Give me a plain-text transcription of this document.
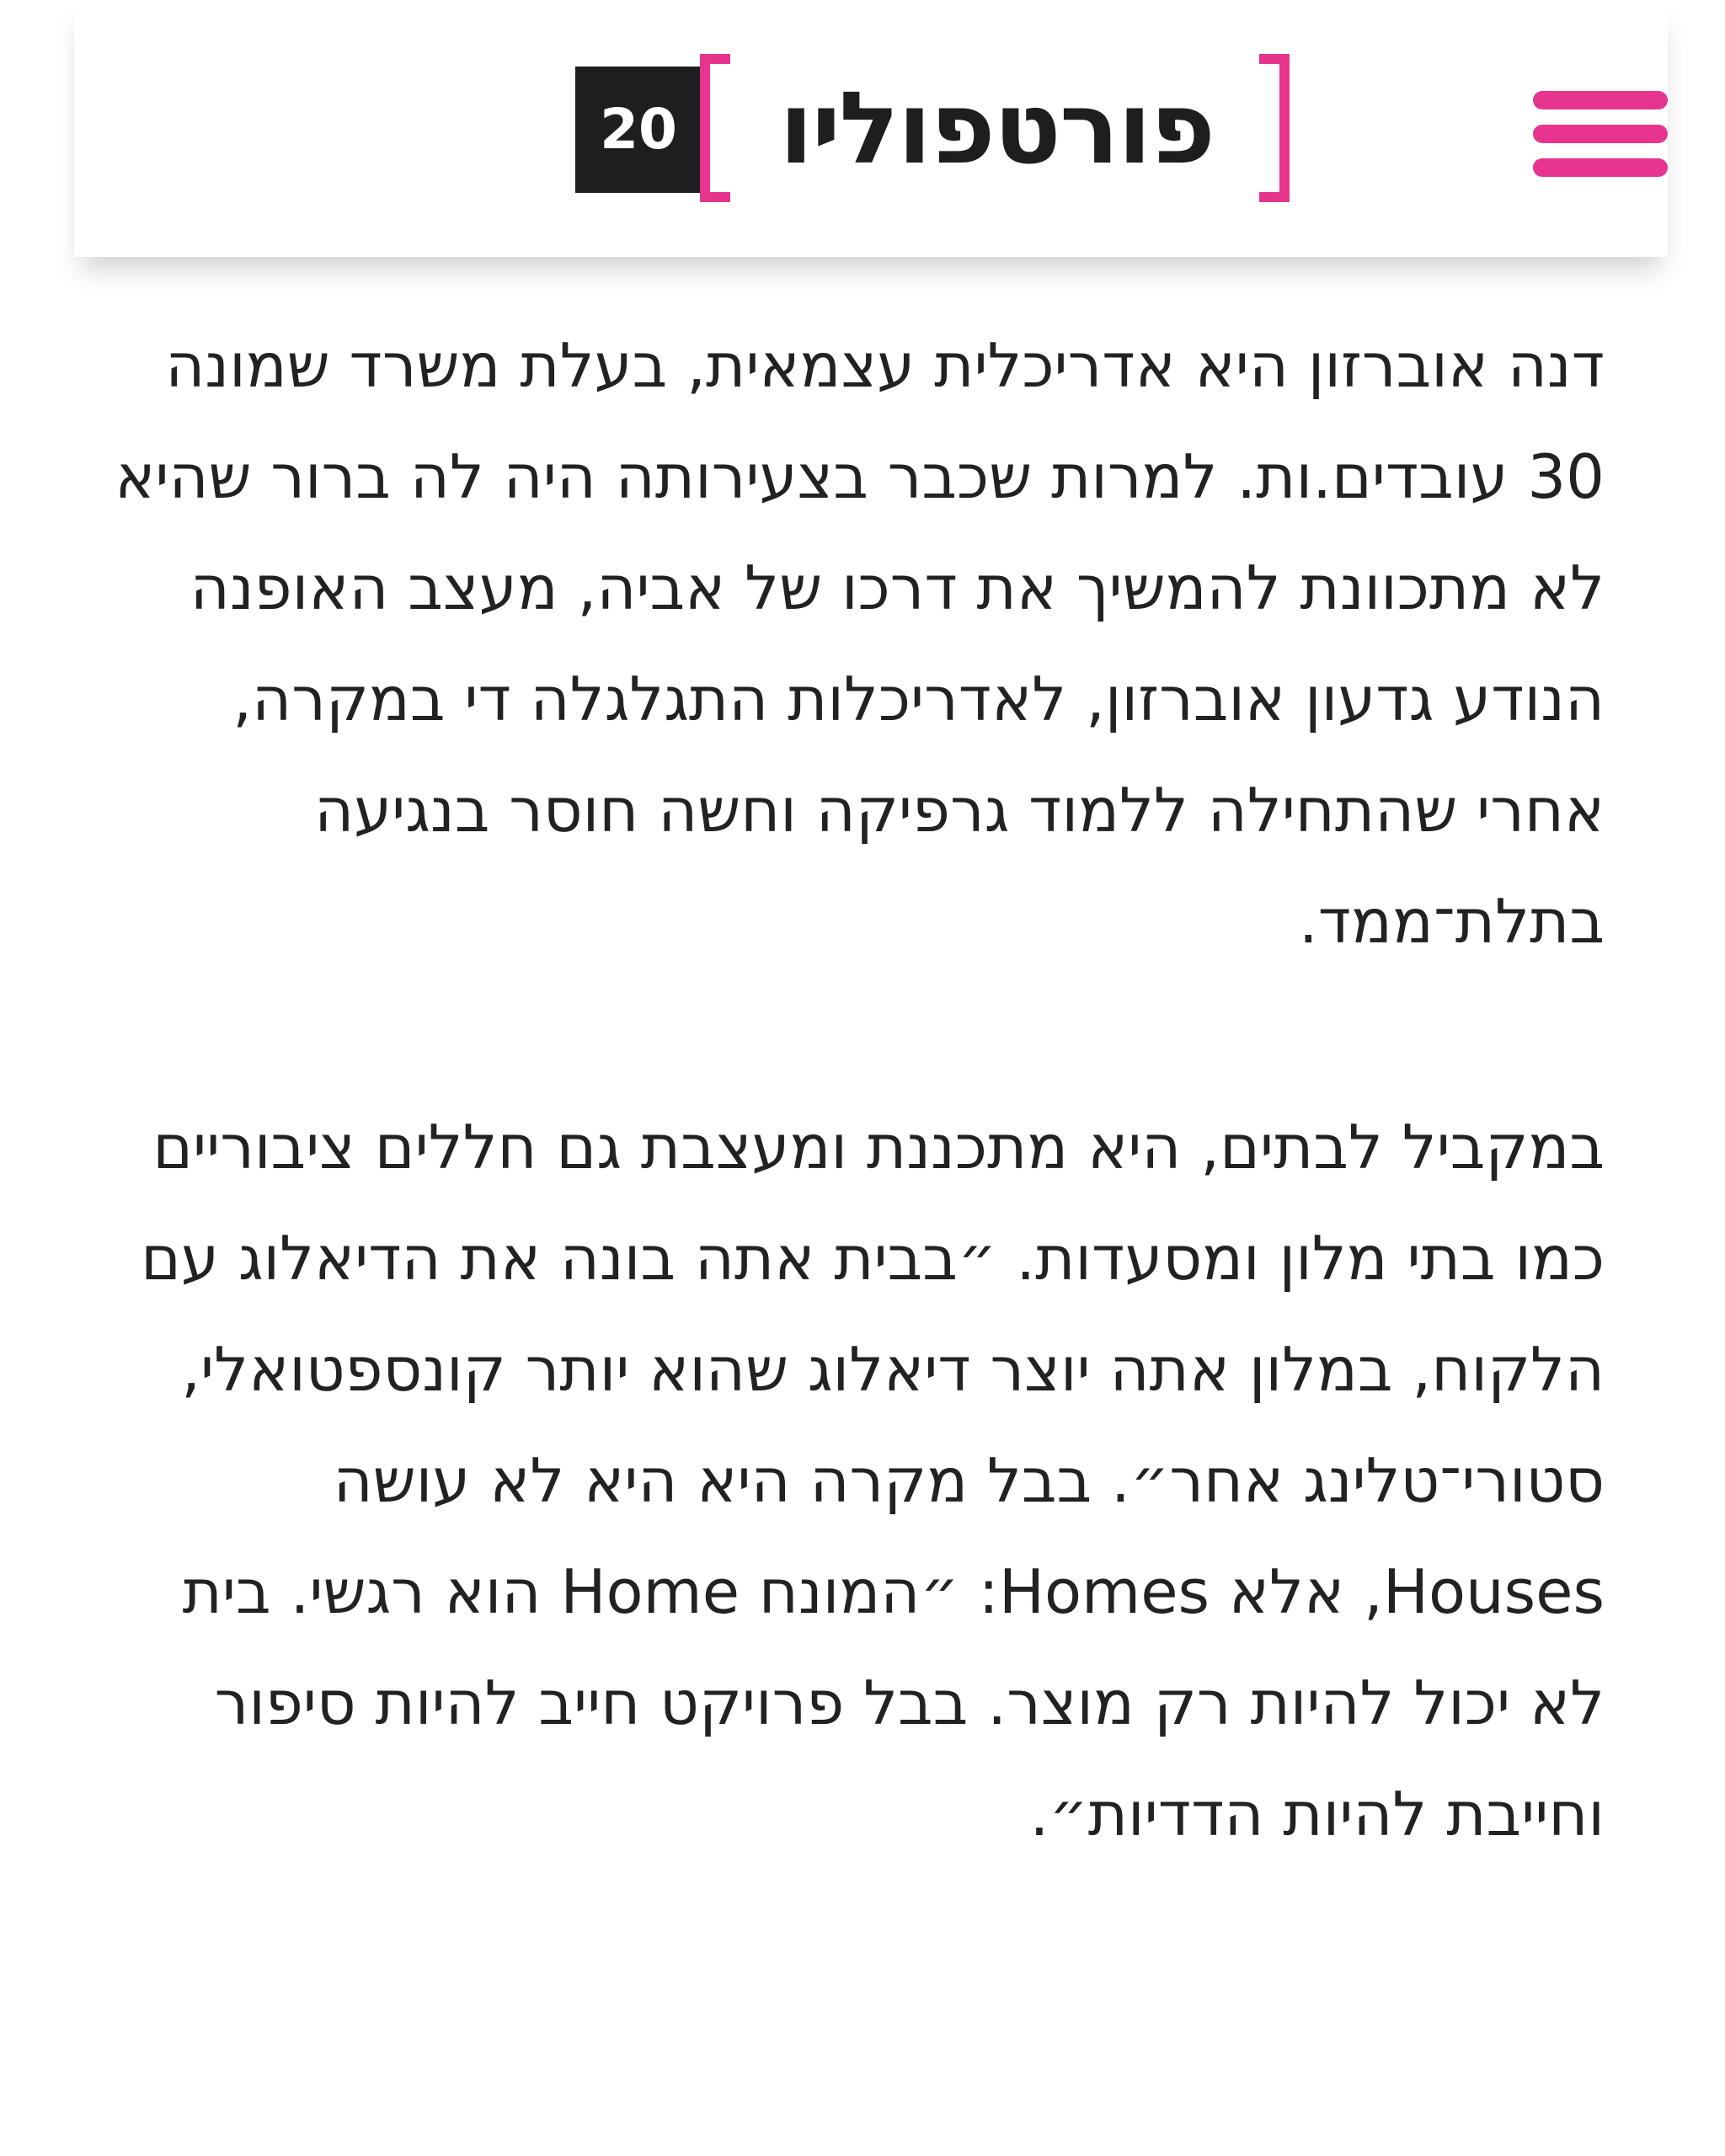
20	פורטפוליו

דנה אוברזון היא אדריכלית עצמאית, בעלת משרד שמונה 30 עובדים.ות. למרות שכבר בצעירותה היה לה ברור שהיא לא מתכוונת להמשיך את דרכו של אביה, מעצב האופנה הנודע גדעון אוברזון, לאדריכלות התגלגלה די במקרה, אחרי שהתחילה ללמוד גרפיקה וחשה חוסר בנגיעה בתלת־ממד.

במקביל לבתים, היא מתכננת ומעצבת גם חללים ציבוריים כמו בתי מלון ומסעדות. ״בבית אתה בונה את הדיאלוג עם הלקוח, במלון אתה יוצר דיאלוג שהוא יותר קונספטואלי, סטורי־טלינג אחר״. בבל מקרה היא היא לא עושה Houses, אלא Homes: ״המונח Home הוא רגשי. בית לא יכול להיות רק מוצר. בבל פרויקט חייב להיות סיפור וחייבת להיות הדדיות״.
